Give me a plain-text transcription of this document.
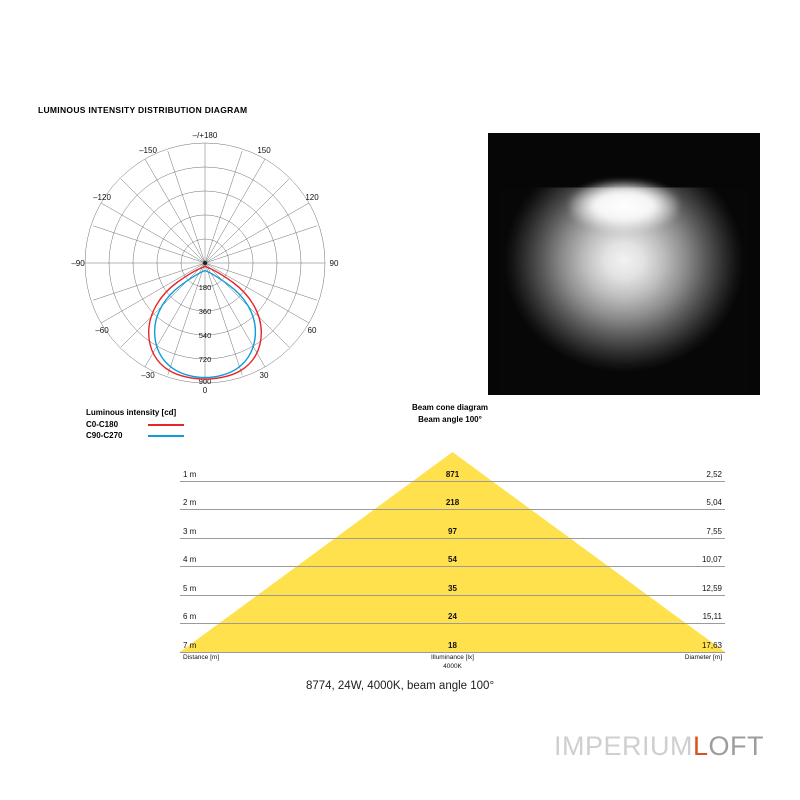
LUMINOUS INTENSITY DISTRIBUTION DIAGRAM
–/+180
–150	150
–120	120
–90	90
–60	60
–30	30
0
180
360
540
720
900
Luminous intensity [cd]
C0-C180
C90-C270
Beam cone diagram
Beam angle 100°
1 m	871	2,52
2 m	218	5,04
3 m	97	7,55
4 m	54	10,07
5 m	35	12,59
6 m	24	15,11
7 m	18	17,63
Distance [m]	Illuminance [lx]
4000K
Diameter [m]
8774, 24W, 4000K, beam angle 100°
IMPERIUMLOFT
